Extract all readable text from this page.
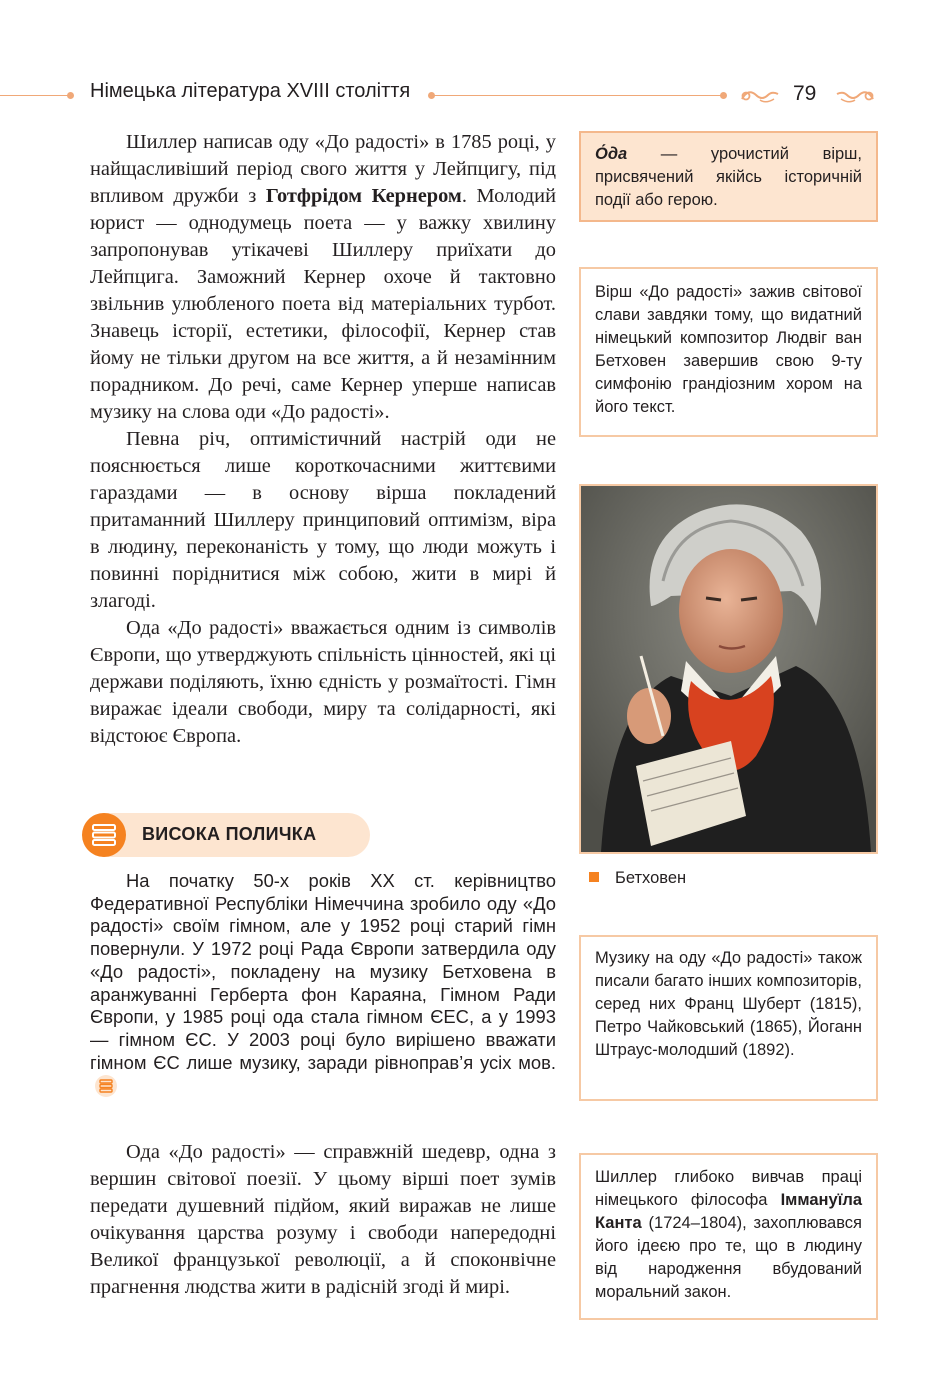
Німецька література XVIII століття	79

Шиллер написав оду «До радості» в 1785 році, у найщасливіший період свого життя у Лейпцигу, під впливом дружби з Готфрідом Кернером. Молодий юрист — однодумець поета — у важку хвилину запропонував утікачеві Шиллеру приїхати до Лейпцига. Заможний Кернер охоче й тактовно звільнив улюбленого поета від матеріальних турбот. Знавець історії, естетики, філософії, Кернер став йому не тільки другом на все життя, а й незамінним порадником. До речі, саме Кернер уперше написав музику на слова оди «До радості».

Певна річ, оптимістичний настрій оди не пояснюється лише короткочасними життєвими гараздами — в основу вірша покладений притаманний Шиллеру принциповий оптимізм, віра в людину, переконаність у тому, що люди можуть і повинні поріднитися між собою, жити в мирі й злагоді.

Ода «До радості» вважається одним із символів Європи, що утверджують спільність цінностей, які ці держави поділяють, їхню єдність у розмаїтості. Гімн виражає ідеали свободи, миру та солідарності, які відстоює Європа.

ВИСОКА ПОЛИЧКА

На початку 50-х років XX ст. керівництво Федеративної Республіки Німеччина зробило оду «До радості» своїм гімном, але у 1952 році старий гімн повернули. У 1972 році Рада Європи затвердила оду «До радості», покладену на музику Бетховена в аранжуванні Герберта фон Караяна, Гімном Ради Європи, у 1985 році ода стала гімном ЄЕС, а у 1993 — гімном ЄС. У 2003 році було вирішено вважати гімном ЄС лише музику, заради рівноправ’я усіх мов.

Ода «До радості» — справжній шедевр, одна з вершин світової поезії. У цьому вірші поет зумів передати душевний підйом, який виражав не лише очікування царства розуму і свободи напередодні Великої французької революції, а й споконвічне прагнення людства жити в радісній згоді й мирі.

О́да — урочистий вірш, присвячений якійсь історичній події або герою.

Вірш «До радості» зажив світової слави завдяки тому, що видатний німецький композитор Людвіг ван Бетховен завершив свою 9-ту симфонію грандіозним хором на його текст.

Бетховен

Музику на оду «До радості» також писали багато інших композиторів, серед них Франц Шуберт (1815), Петро Чайковський (1865), Йоганн Штраус-молодший (1892).

Шиллер глибоко вивчав праці німецького філософа Іммануїла Канта (1724–1804), захоплювався його ідеєю про те, що в людину від народження вбудований моральний закон.
